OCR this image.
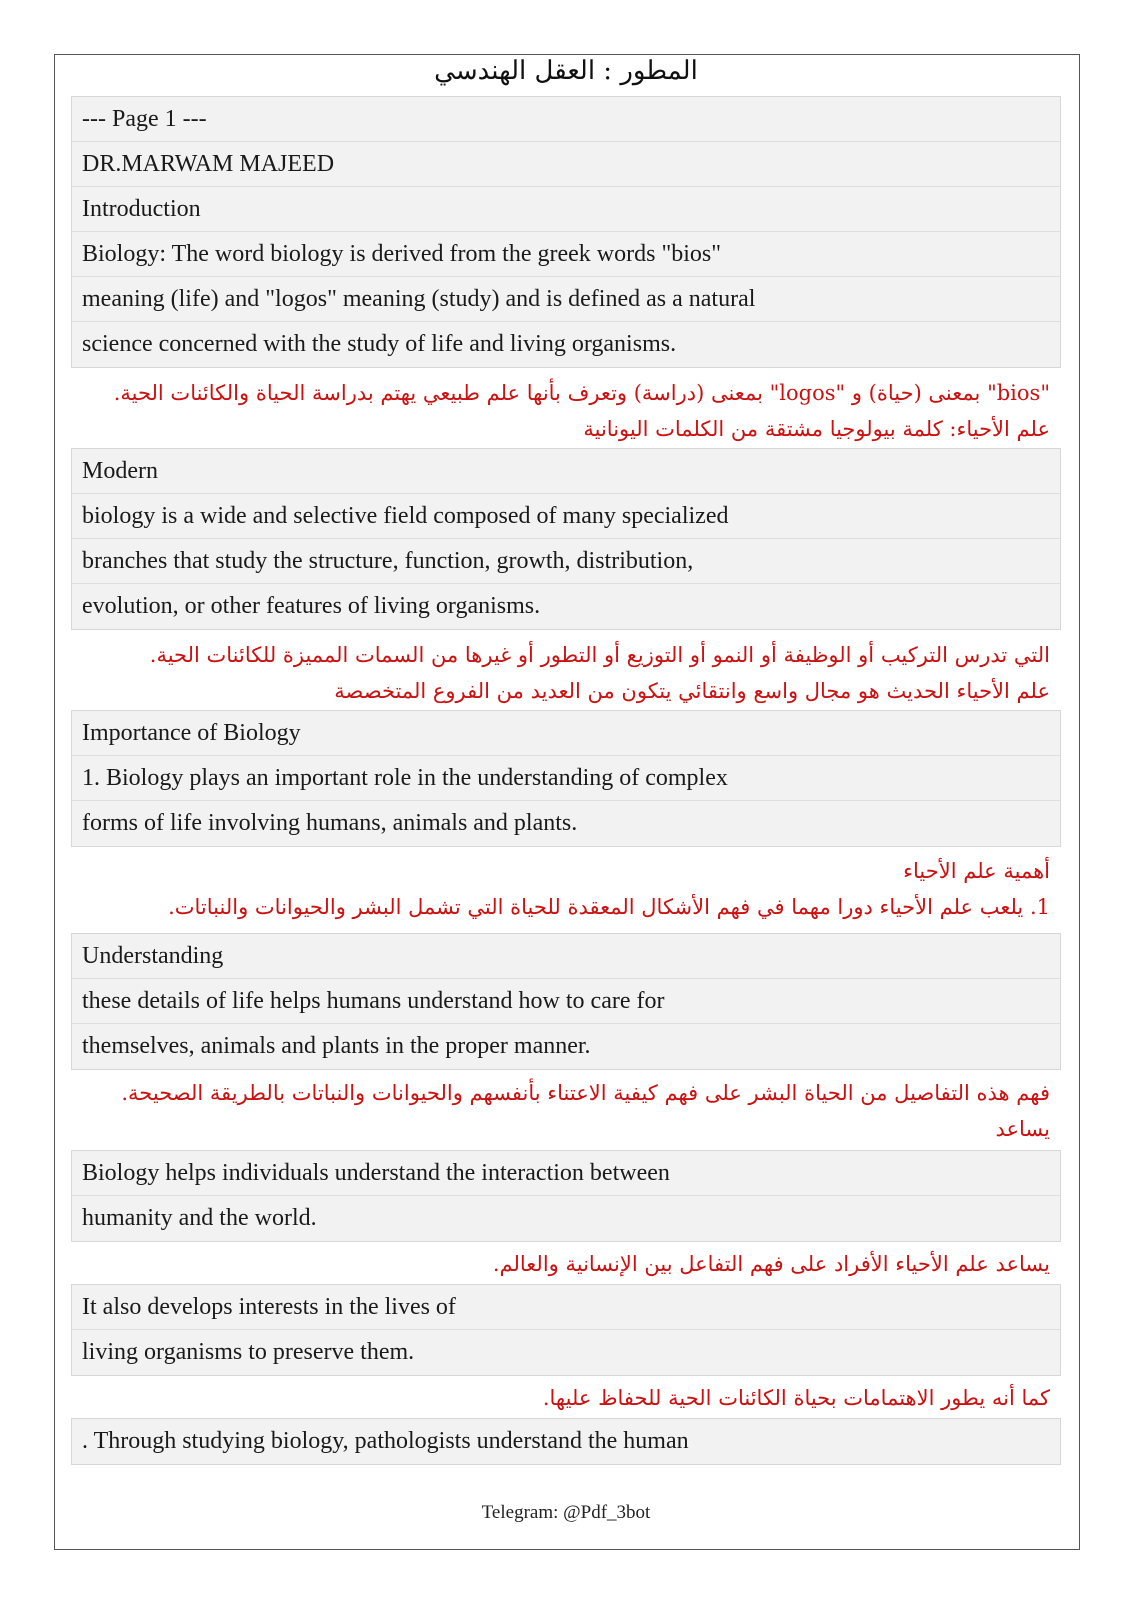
المطور : العقل الهندسي
--- Page 1 ---
DR.MARWAM MAJEED
Introduction
Biology: The word biology is derived from the greek words "bios"
meaning (life) and "logos" meaning (study) and is defined as a natural
science concerned with the study of life and living organisms.
"bios" بمعنى (حياة) و "logos" بمعنى (دراسة) وتعرف بأنها علم طبيعي يهتم بدراسة الحياة والكائنات الحية.
علم الأحياء: كلمة بيولوجيا مشتقة من الكلمات اليونانية
Modern
biology is a wide and selective field composed of many specialized
branches that study the structure, function, growth, distribution,
evolution, or other features of living organisms.
التي تدرس التركيب أو الوظيفة أو النمو أو التوزيع أو التطور أو غيرها من السمات المميزة للكائنات الحية.
علم الأحياء الحديث هو مجال واسع وانتقائي يتكون من العديد من الفروع المتخصصة
Importance of Biology
1. Biology plays an important role in the understanding of complex
forms of life involving humans, animals and plants.
أهمية علم الأحياء
1. يلعب علم الأحياء دورا مهما في فهم الأشكال المعقدة للحياة التي تشمل البشر والحيوانات والنباتات.
Understanding
these details of life helps humans understand how to care for
themselves, animals and plants in the proper manner.
فهم هذه التفاصيل من الحياة البشر على فهم كيفية الاعتناء بأنفسهم والحيوانات والنباتات بالطريقة الصحيحة.
يساعد
Biology helps individuals understand the interaction between
humanity and the world.
يساعد علم الأحياء الأفراد على فهم التفاعل بين الإنسانية والعالم.
It also develops interests in the lives of
living organisms to preserve them.
كما أنه يطور الاهتمامات بحياة الكائنات الحية للحفاظ عليها.
. Through studying biology, pathologists understand the human
Telegram: @Pdf_3bot
